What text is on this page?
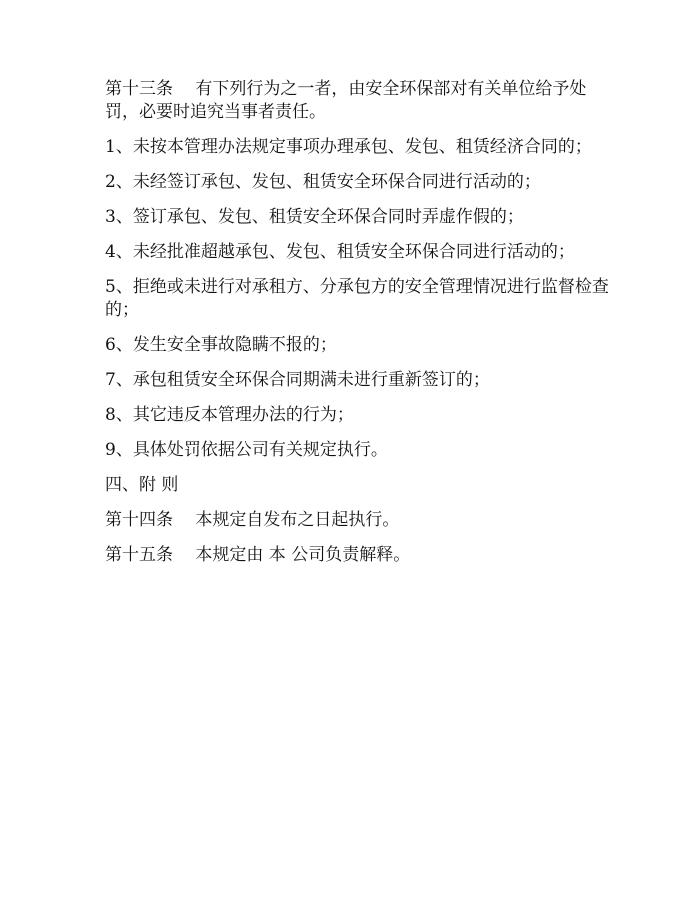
第十三条　 有下列行为之一者，由安全环保部对有关单位给予处罚，必要时追究当事者责任。

1、未按本管理办法规定事项办理承包、发包、租赁经济合同的；

2、未经签订承包、发包、租赁安全环保合同进行活动的；

3、签订承包、发包、租赁安全环保合同时弄虚作假的；

4、未经批准超越承包、发包、租赁安全环保合同进行活动的；

5、拒绝或未进行对承租方、分承包方的安全管理情况进行监督检查的；

6、发生安全事故隐瞒不报的；

7、承包租赁安全环保合同期满未进行重新签订的；

8、其它违反本管理办法的行为；

9、具体处罚依据公司有关规定执行。

四、附 则

第十四条　 本规定自发布之日起执行。

第十五条　 本规定由 本 公司负责解释。
